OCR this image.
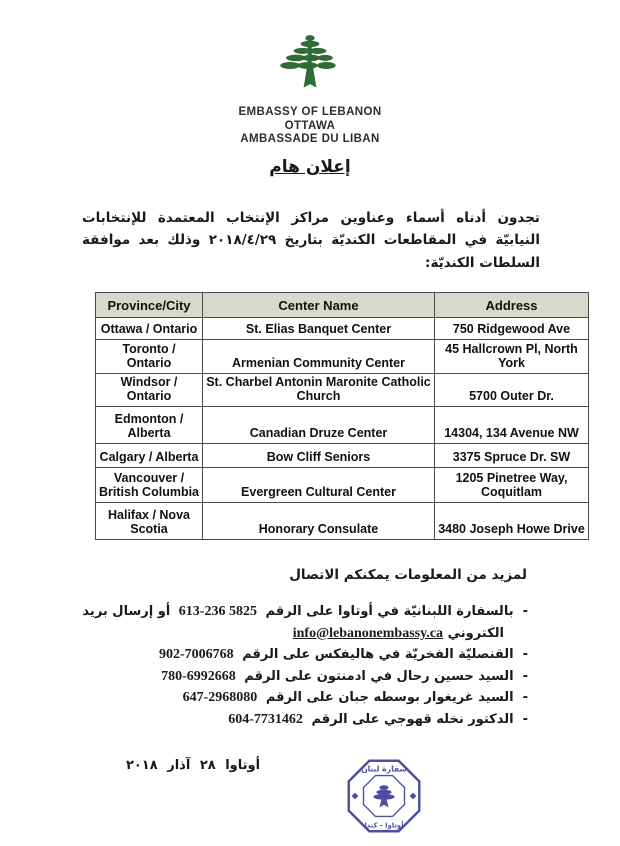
EMBASSY OF LEBANON
OTTAWA
AMBASSADE DU LIBAN
إعلان هام

تجدون أدناه أسماء وعناوين مراكز الإنتخاب المعتمدة للإنتخابات النيابيّة في المقاطعات الكنديّة بتاريخ ٢٠١٨/٤/٢٩ وذلك بعد موافقة السلطات الكنديّة:

Province/City	Center Name	Address
Ottawa / Ontario	St. Elias Banquet Center	750 Ridgewood Ave
Toronto / Ontario	Armenian Community Center	45 Hallcrown Pl, North York
Windsor / Ontario	St. Charbel Antonin Maronite Catholic Church	5700 Outer Dr.
Edmonton / Alberta	Canadian Druze Center	14304, 134 Avenue NW
Calgary / Alberta	Bow Cliff Seniors	3375 Spruce Dr. SW
Vancouver / British Columbia	Evergreen Cultural Center	1205 Pinetree Way, Coquitlam
Halifax / Nova Scotia	Honorary Consulate	3480 Joseph Howe Drive
لمزيد من المعلومات يمكنكم الاتصال
-بالسفارة اللبنانيّة في أوتاوا على الرقم 613-236 5825 أو إرسال بريد
الكتروني info@lebanonembassy.ca
-القنصليّة الفخريّة في هاليفكس على الرقم 902-7006768
-السيد حسين رحال في ادمنتون على الرقم 780-6992668
-السيد غريغوار بوسطه جبان على الرقم 647-2968080
-الدكتور نخله قهوجي على الرقم 604-7731462
أوتاوا ٢٨ آذار ٢٠١٨	سفارة لبنان
أوتاوا - كندا
